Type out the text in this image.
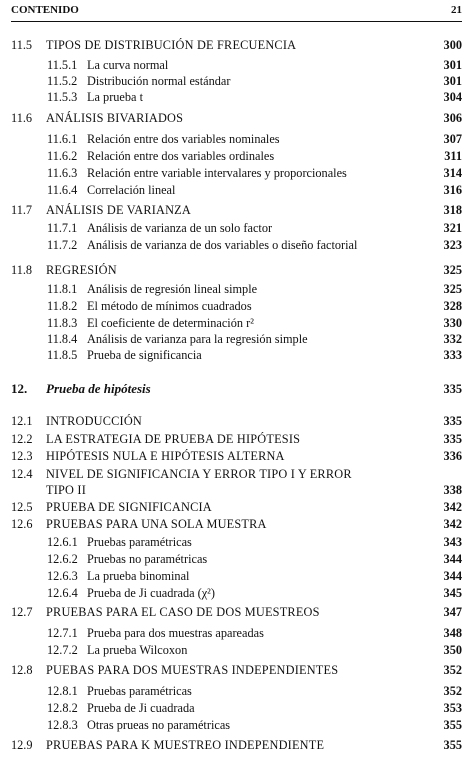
CONTENIDO	21
11.5 TIPOS DE DISTRIBUCIÓN DE FRECUENCIA	300
11.5.1 La curva normal	301
11.5.2 Distribución normal estándar	301
11.5.3 La prueba t	304
11.6 ANÁLISIS BIVARIADOS	306
11.6.1 Relación entre dos variables nominales	307
11.6.2 Relación entre dos variables ordinales	311
11.6.3 Relación entre variable intervalares y proporcionales	314
11.6.4 Correlación lineal	316
11.7 ANÁLISIS DE VARIANZA	318
11.7.1 Análisis de varianza de un solo factor	321
11.7.2 Análisis de varianza de dos variables o diseño factorial	323
11.8 REGRESIÓN	325
11.8.1 Análisis de regresión lineal simple	325
11.8.2 El método de mínimos cuadrados	328
11.8.3 El coeficiente de determinación r²	330
11.8.4 Análisis de varianza para la regresión simple	332
11.8.5 Prueba de significancia	333
12. Prueba de hipótesis	335
12.1 INTRODUCCIÓN	335
12.2 LA ESTRATEGIA DE PRUEBA DE HIPÓTESIS	335
12.3 HIPÓTESIS NULA E HIPÓTESIS ALTERNA	336
12.4 NIVEL DE SIGNIFICANCIA Y ERROR TIPO I Y ERROR
TIPO II	338
12.5 PRUEBA DE SIGNIFICANCIA	342
12.6 PRUEBAS PARA UNA SOLA MUESTRA	342
12.6.1 Pruebas paramétricas	343
12.6.2 Pruebas no paramétricas	344
12.6.3 La prueba binominal	344
12.6.4 Prueba de Ji cuadrada (χ²)	345
12.7 PRUEBAS PARA EL CASO DE DOS MUESTREOS	347
12.7.1 Prueba para dos muestras apareadas	348
12.7.2 La prueba Wilcoxon	350
12.8 PUEBAS PARA DOS MUESTRAS INDEPENDIENTES	352
12.8.1 Pruebas paramétricas	352
12.8.2 Prueba de Ji cuadrada	353
12.8.3 Otras prueas no paramétricas	355
12.9 PRUEBAS PARA K MUESTREO INDEPENDIENTE	355
